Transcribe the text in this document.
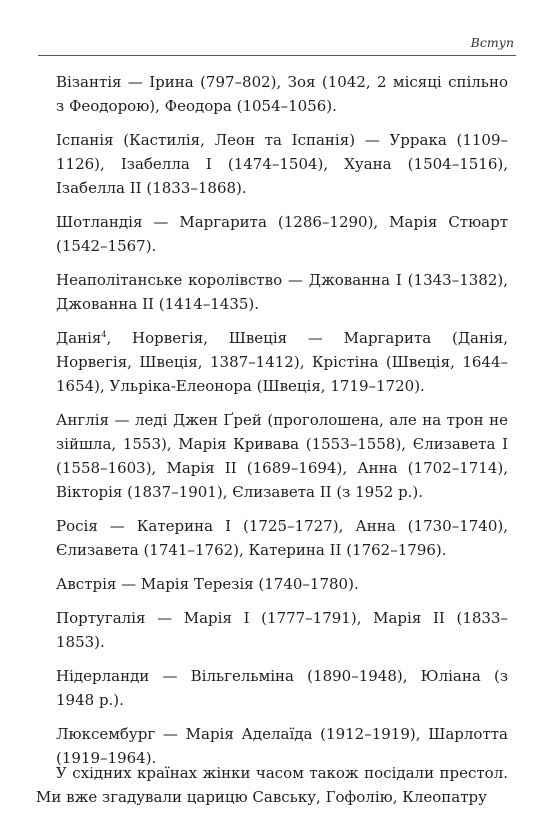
Вступ

Візантія — Ірина (797–802), Зоя (1042, 2 місяці спільно з Феодорою), Феодора (1054–1056).

Іспанія (Кастилія, Леон та Іспанія) — Уррака (1109–1126), Ізабелла I (1474–1504), Хуана (1504–1516), Ізабелла II (1833–1868).

Шотландія — Маргарита (1286–1290), Марія Стюарт (1542–1567).

Неаполітанське королівство — Джованна I (1343–1382), Джованна II (1414–1435).

Данія$^4$, Норвегія, Швеція — Маргарита (Данія, Норвегія, Швеція, 1387–1412), Крістіна (Швеція, 1644–1654), Ульріка-Елеонора (Швеція, 1719–1720).

Англія — леді Джен Ґрей (проголошена, але на трон не зійшла, 1553), Марія Кривава (1553–1558), Єлизавета I (1558–1603), Марія II (1689–1694), Анна (1702–1714), Вікторія (1837–1901), Єлизавета II (з 1952 р.).

Росія — Катерина I (1725–1727), Анна (1730–1740), Єлизавета (1741–1762), Катерина II (1762–1796).

Австрія — Марія Терезія (1740–1780).

Португалія — Марія I (1777–1791), Марія II (1833–1853).

Нідерланди — Вільгельміна (1890–1948), Юліана (з 1948 р.).

Люксембург — Марія Аделаїда (1912–1919), Шарлотта (1919–1964).

У східних країнах жінки часом також посідали престол. Ми вже згадували царицю Савську, Гофолію, Клеопатру
